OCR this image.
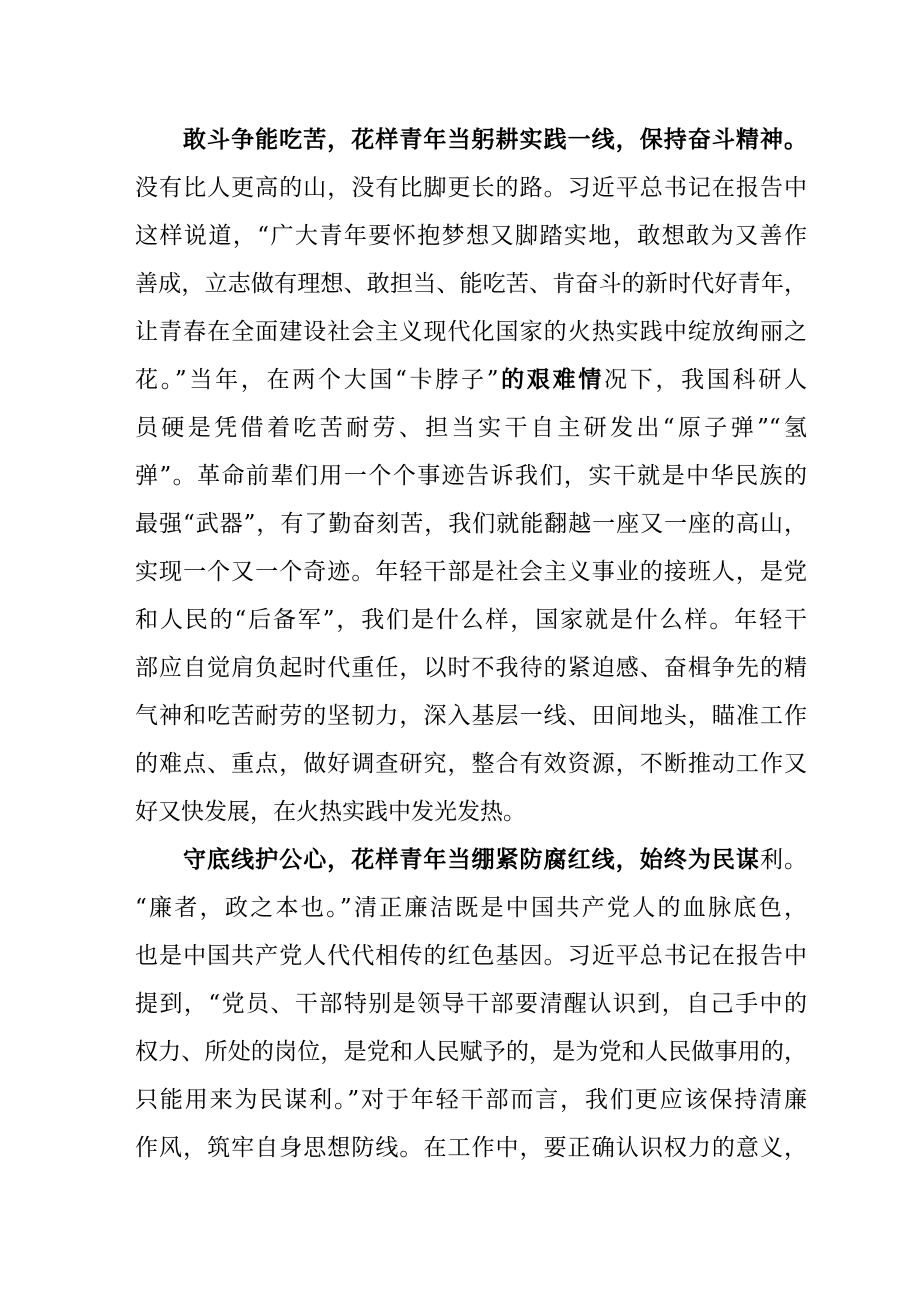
敢斗争能吃苦，花样青年当躬耕实践一线，保持奋斗精神。
没有比人更高的山，没有比脚更长的路。习近平总书记在报告中
这样说道，“广大青年要怀抱梦想又脚踏实地，敢想敢为又善作
善成，立志做有理想、敢担当、能吃苦、肯奋斗的新时代好青年，
让青春在全面建设社会主义现代化国家的火热实践中绽放绚丽之
花。”当年，在两个大国“卡脖子”的艰难情况下，我国科研人
员硬是凭借着吃苦耐劳、担当实干自主研发出“原子弹”“氢
弹”。革命前辈们用一个个事迹告诉我们，实干就是中华民族的
最强“武器”，有了勤奋刻苦，我们就能翻越一座又一座的高山，
实现一个又一个奇迹。年轻干部是社会主义事业的接班人，是党
和人民的“后备军”，我们是什么样，国家就是什么样。年轻干
部应自觉肩负起时代重任，以时不我待的紧迫感、奋楫争先的精
气神和吃苦耐劳的坚韧力，深入基层一线、田间地头，瞄准工作
的难点、重点，做好调查研究，整合有效资源，不断推动工作又
好又快发展，在火热实践中发光发热。
守底线护公心，花样青年当绷紧防腐红线，始终为民谋利。
“廉者，政之本也。”清正廉洁既是中国共产党人的血脉底色，
也是中国共产党人代代相传的红色基因。习近平总书记在报告中
提到，“党员、干部特别是领导干部要清醒认识到，自己手中的
权力、所处的岗位，是党和人民赋予的，是为党和人民做事用的，
只能用来为民谋利。”对于年轻干部而言，我们更应该保持清廉
作风，筑牢自身思想防线。在工作中，要正确认识权力的意义，
